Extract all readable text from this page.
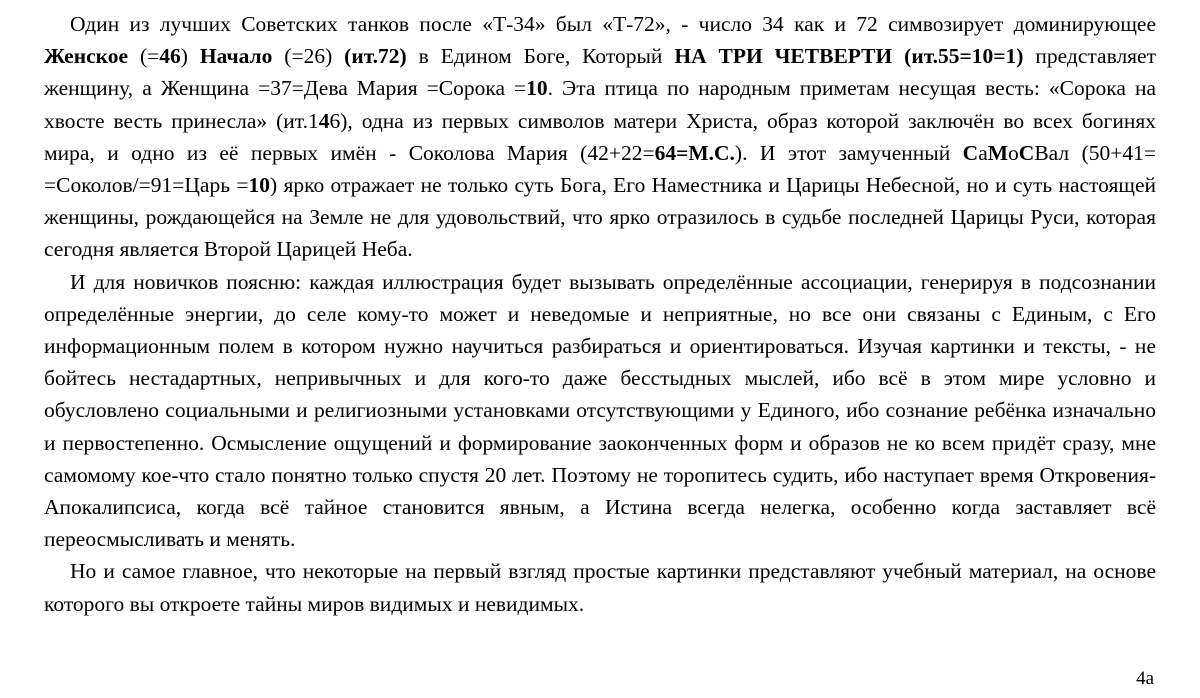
Один из лучших Советских танков после «Т-34» был «Т-72», - число 34 как и 72 симвозирует доминирующее Женское (=46) Начало (=26) (ит.72) в Едином Боге, Который НА ТРИ ЧЕТВЕРТИ (ит.55=10=1) представляет женщину, а Женщина =37=Дева Мария =Сорока =10. Эта птица по народным приметам несущая весть: «Сорока на хвосте весть принесла» (ит.146), одна из первых символов матери Христа, образ которой заключён во всех богинях мира, и одно из её первых имён - Соколова Мария (42+22=64=М.С.). И этот замученный СаМоСВал (50+41= =Соколов/=91=Царь =10) ярко отражает не только суть Бога, Его Наместника и Царицы Небесной, но и суть настоящей женщины, рождающейся на Земле не для удовольствий, что ярко отразилось в судьбе последней Царицы Руси, которая сегодня является Второй Царицей Неба.

И для новичков поясню: каждая иллюстрация будет вызывать определённые ассоциации, генерируя в подсознании определённые энергии, до селе кому-то может и неведомые и неприятные, но все они связаны с Единым, с Его информационным полем в котором нужно научиться разбираться и ориентироваться. Изучая картинки и тексты, - не бойтесь нестадартных, непривычных и для кого-то даже бесстыдных мыслей, ибо всё в этом мире условно и обусловлено социальными и религиозными установками отсутствующими у Единого, ибо сознание ребёнка изначально и первостепенно. Осмысление ощущений и формирование заоконченных форм и образов не ко всем придёт сразу, мне самомому кое-что стало понятно только спустя 20 лет. Поэтому не торопитесь судить, ибо наступает время Откровения-Апокалипсиса, когда всё тайное становится явным, а Истина всегда нелегка, особенно когда заставляет всё переосмысливать и менять.

Но и самое главное, что некоторые на первый взгляд простые картинки представляют учебный материал, на основе которого вы откроете тайны миров видимых и невидимых.

4a
